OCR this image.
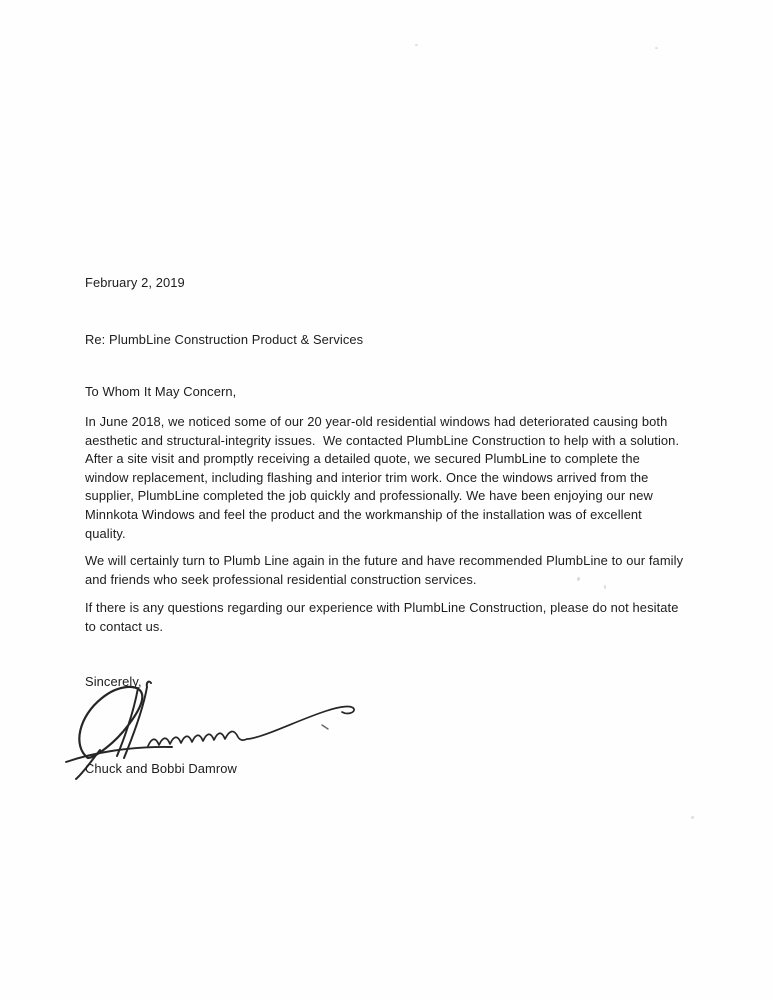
February 2, 2019
Re: PlumbLine Construction Product & Services
To Whom It May Concern,
In June 2018, we noticed some of our 20 year-old residential windows had deteriorated causing both
aesthetic and structural-integrity issues.  We contacted PlumbLine Construction to help with a solution.
After a site visit and promptly receiving a detailed quote, we secured PlumbLine to complete the
window replacement, including flashing and interior trim work. Once the windows arrived from the
supplier, PlumbLine completed the job quickly and professionally. We have been enjoying our new
Minnkota Windows and feel the product and the workmanship of the installation was of excellent
quality.
We will certainly turn to Plumb Line again in the future and have recommended PlumbLine to our family
and friends who seek professional residential construction services.
If there is any questions regarding our experience with PlumbLine Construction, please do not hesitate
to contact us.
Sincerely,
Chuck and Bobbi Damrow
